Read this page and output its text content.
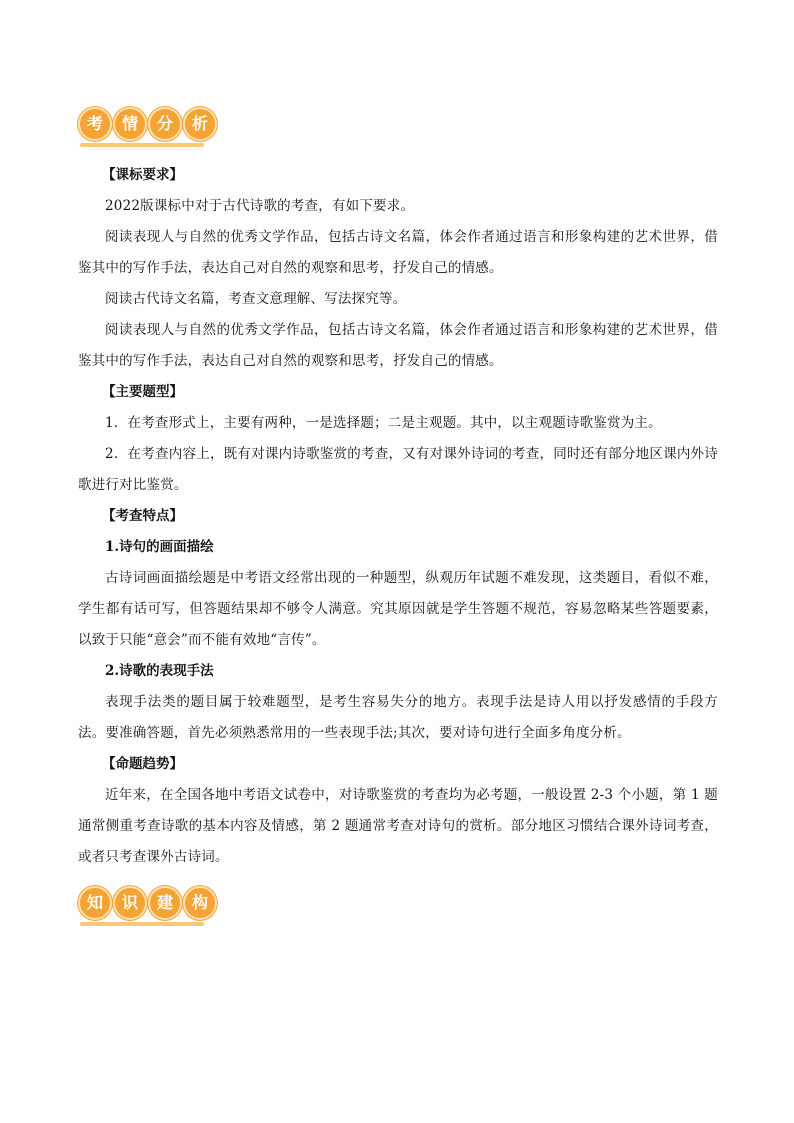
考	情	分	析
【课标要求】
2022版课标中对于古代诗歌的考查，有如下要求。
阅读表现人与自然的优秀文学作品，包括古诗文名篇，体会作者通过语言和形象构建的艺术世界，借鉴其中的写作手法，表达自己对自然的观察和思考，抒发自己的情感。
阅读古代诗文名篇，考查文意理解、写法探究等。
阅读表现人与自然的优秀文学作品，包括古诗文名篇，体会作者通过语言和形象构建的艺术世界，借鉴其中的写作手法，表达自己对自然的观察和思考，抒发自己的情感。
【主要题型】
1．在考查形式上，主要有两种，一是选择题；二是主观题。其中，以主观题诗歌鉴赏为主。
2．在考查内容上，既有对课内诗歌鉴赏的考查，又有对课外诗词的考查，同时还有部分地区课内外诗歌进行对比鉴赏。
【考查特点】
1.诗句的画面描绘
古诗词画面描绘题是中考语文经常出现的一种题型，纵观历年试题不难发现，这类题目，看似不难，学生都有话可写，但答题结果却不够令人满意。究其原因就是学生答题不规范，容易忽略某些答题要素，以致于只能“意会”而不能有效地“言传”。
2.诗歌的表现手法
表现手法类的题目属于较难题型，是考生容易失分的地方。表现手法是诗人用以抒发感情的手段方法。要准确答题，首先必须熟悉常用的一些表现手法;其次，要对诗句进行全面多角度分析。
【命题趋势】
近年来，在全国各地中考语文试卷中，对诗歌鉴赏的考查均为必考题，一般设置 2-3 个小题，第 1 题通常侧重考查诗歌的基本内容及情感，第 2 题通常考查对诗句的赏析。部分地区习惯结合课外诗词考查，或者只考查课外古诗词。
知	识	建	构
